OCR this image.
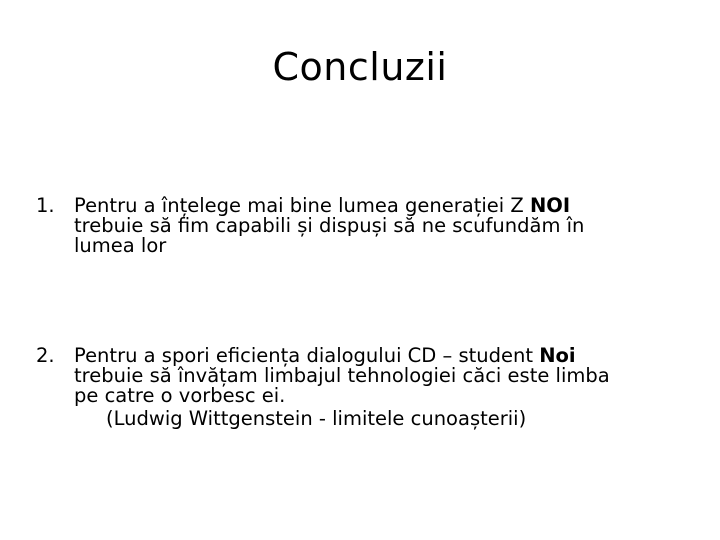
Concluzii
1. Pentru a înțelege mai bine lumea generației Z NOI
trebuie să fim capabili și dispuși să ne scufundăm în
lumea lor
2. Pentru a spori eficiența dialogului CD – student Noi
trebuie să învățam limbajul tehnologiei căci este limba
pe catre o vorbesc ei.
(Ludwig Wittgenstein - limitele cunoașterii)
